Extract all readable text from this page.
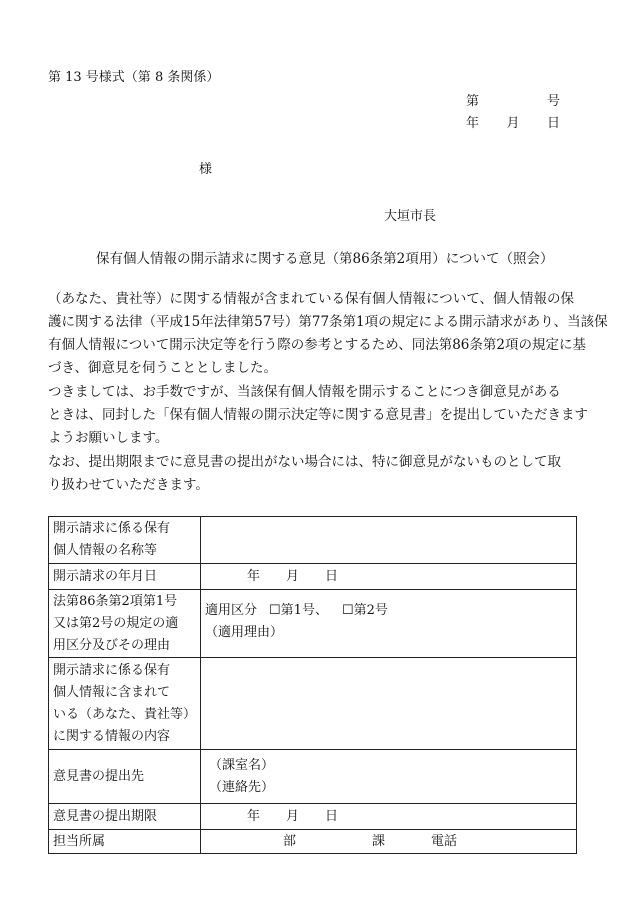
第 13 号様式（第 8 条関係）
第	号
年 月 日
様
大垣市長
保有個人情報の開示請求に関する意見（第86条第2項用）について（照会）
（あなた、貴社等）に関する情報が含まれている保有個人情報について、個人情報の保
護に関する法律（平成15年法律第57号）第77条第1項の規定による開示請求があり、当該保
有個人情報について開示決定等を行う際の参考とするため、同法第86条第2項の規定に基
づき、御意見を伺うこととしました。
つきましては、お手数ですが、当該保有個人情報を開示することにつき御意見がある
ときは、同封した「保有個人情報の開示決定等に関する意見書」を提出していただきます
ようお願いします。
なお、提出期限までに意見書の提出がない場合には、特に御意見がないものとして取
り扱わせていただきます。
開示請求に係る保有
個人情報の名称等	

開示請求の年月日	年 月 日

法第86条第2項第1号
又は第2号の規定の適
用区分及びその理由	適用区分 ☐第1号、 ☐第2号
（適用理由）

開示請求に係る保有
個人情報に含まれて
いる（あなた、貴社等）
に関する情報の内容	

意見書の提出先	（課室名）
（連絡先）

意見書の提出期限	年 月 日
担当所属	部 課 電話
